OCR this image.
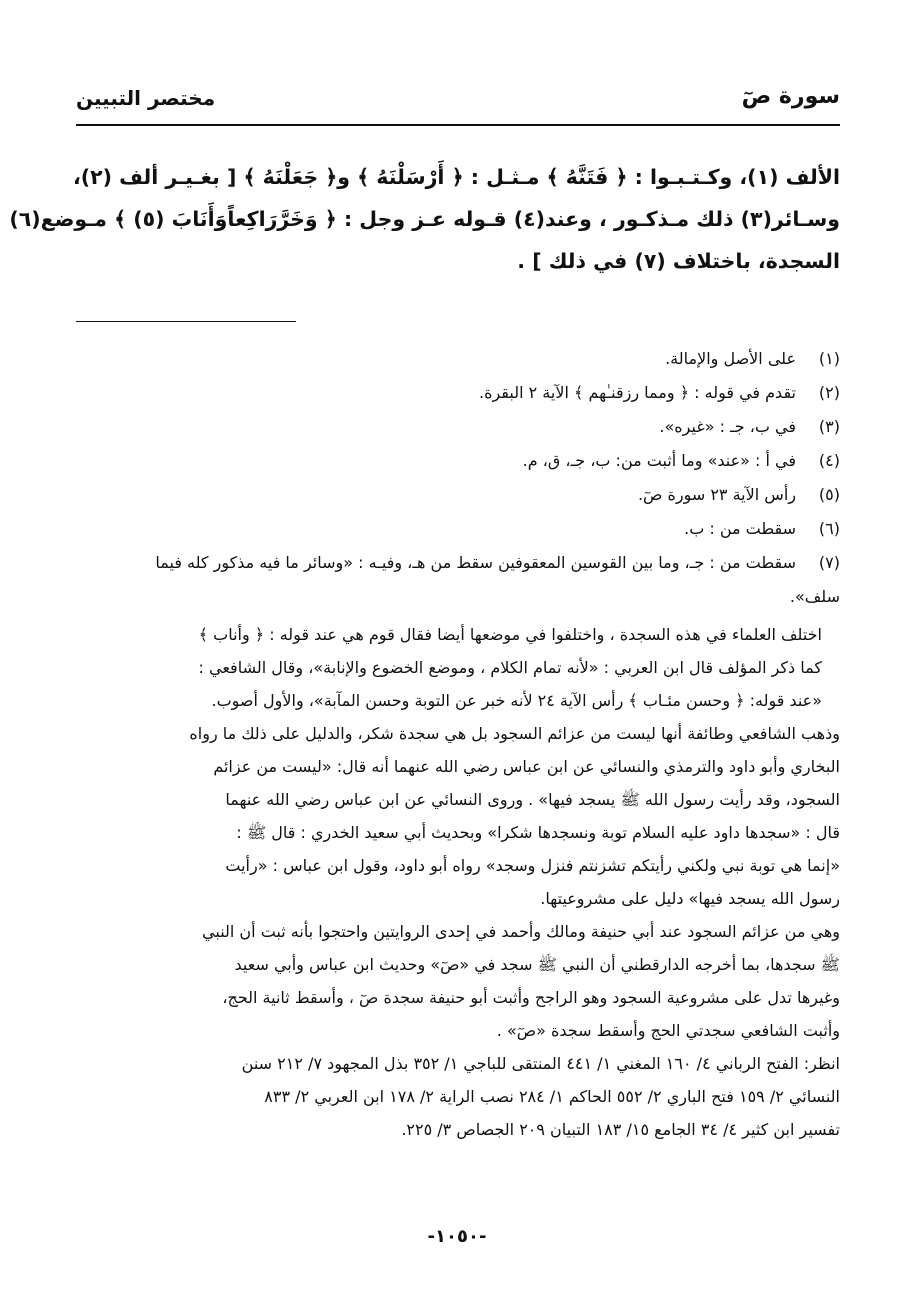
سورة صٓ
مختصر التبيين
الألف (١)، وكـتـبـوا : ﴿ فَتَنَّهُ ﴾ مـثـل : ﴿ أَرْسَلْنَهُ ﴾ و﴿ جَعَلْنَهُ ﴾ [ بغـيـر ألف (٢)،
وسـائر(٣) ذلك مـذكـور ، وعند(٤) قـوله عـز وجل : ﴿ وَخَرَّرَاكِعاًوَأَنَابَ (٥) ﴾ مـوضع(٦)
السجدة، باختلاف (٧) في ذلك ] .
(١)على الأصل والإمالة.
(٢)تقدم في قوله : ﴿ ومما رزقنـٰهم ﴾ الآية ٢ البقرة.
(٣)في ب، جـ : «غيره».
(٤)في أ : «عند» وما أثبت من: ب، جـ، ق، م.
(٥)رأس الآية ٢٣ سورة صٓ.
(٦)سقطت من : ب.
(٧)سقطت من : جـ، وما بين القوسين المعقوفين سقط من هـ، وفيـه : «وسائر ما فيه مذكور كله فيما
سلف».
اختلف العلماء في هذه السجدة ، واختلفوا في موضعها أيضا فقال قوم هي عند قوله : ﴿ وأناب ﴾
كما ذكر المؤلف قال ابن العربي : «لأنه تمام الكلام ، وموضع الخضوع والإنابة»، وقال الشافعي :
«عند قوله: ﴿ وحسن مئـاب ﴾ رأس الآية ٢٤ لأنه خبر عن التوبة وحسن المآبة»، والأول أصوب.
وذهب الشافعي وطائفة أنها ليست من عزائم السجود بل هي سجدة شكر، والدليل على ذلك ما رواه
البخاري وأبو داود والترمذي والنسائي عن ابن عباس رضي الله عنهما أنه قال: «ليست من عزائم
السجود، وقد رأيت رسول الله ﷺ يسجد فيها» . وروى النسائي عن ابن عباس رضي الله عنهما
قال : «سجدها داود عليه السلام توبة ونسجدها شكرا» وبحديث أبي سعيد الخدري : قال ﷺ :
«إنما هي توبة نبي ولكني رأيتكم تشزنتم فنزل وسجد» رواه أبو داود، وقول ابن عباس : «رأيت
رسول الله يسجد فيها» دليل على مشروعيتها.
وهي من عزائم السجود عند أبي حنيفة ومالك وأحمد في إحدى الروايتين واحتجوا بأنه ثبت أن النبي
ﷺ سجدها، بما أخرجه الدارقطني أن النبي ﷺ سجد في «صٓ» وحديث ابن عباس وأبي سعيد
وغيرها تدل على مشروعية السجود وهو الراجح وأثبت أبو حنيفة سجدة صٓ ، وأسقط ثانية الحج،
وأثبت الشافعي سجدتي الحج وأسقط سجدة «صٓ» .
انظر: الفتح الرباني ٤/ ١٦٠ المغني ١/ ٤٤١ المنتقى للباجي ١/ ٣٥٢ بذل المجهود ٧/ ٢١٢ سنن
النسائي ٢/ ١٥٩ فتح الباري ٢/ ٥٥٢ الحاكم ١/ ٢٨٤ نصب الراية ٢/ ١٧٨ ابن العربي ٢/ ٨٣٣
تفسير ابن كثير ٤/ ٣٤ الجامع ١٥/ ١٨٣ التبيان ٢٠٩ الجصاص ٣/ ٢٢٥.
-١٠٥٠-
